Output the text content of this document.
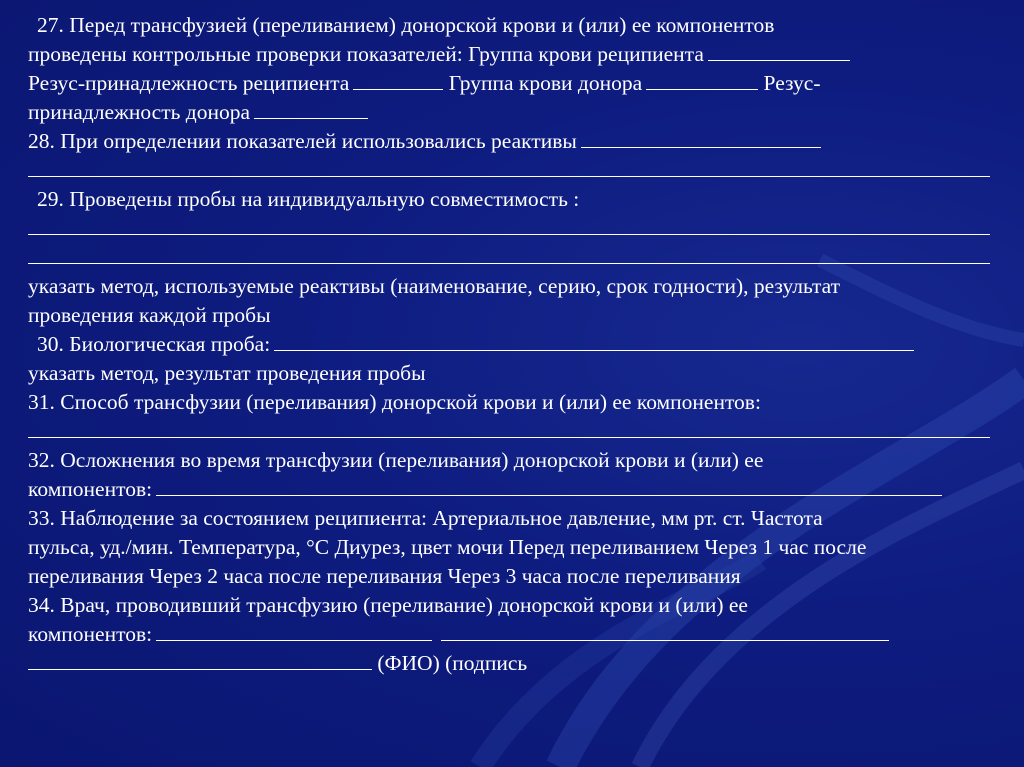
27. Перед трансфузией (переливанием) донорской крови и (или) ее компонентов
проведены контрольные проверки показателей: Группа крови реципиента
Резус-принадлежность реципиента	Группа крови донора	Резус-
принадлежность донора
28. При определении показателей использовались реактивы
29. Проведены пробы на индивидуальную совместимость :
указать метод, используемые реактивы (наименование, серию, срок годности), результат
проведения каждой пробы
30. Биологическая проба:
указать метод, результат проведения пробы
31. Способ трансфузии (переливания) донорской крови и (или) ее компонентов:
32. Осложнения во время трансфузии (переливания) донорской крови и (или) ее
компонентов:
33. Наблюдение за состоянием реципиента: Артериальное давление, мм рт. ст. Частота
пульса, уд./мин. Температура, °С Диурез, цвет мочи Перед переливанием Через 1 час после
переливания Через 2 часа после переливания Через 3 часа после переливания
34. Врач, проводивший трансфузию (переливание) донорской крови и (или) ее
компонентов:
(ФИО) (подпись
